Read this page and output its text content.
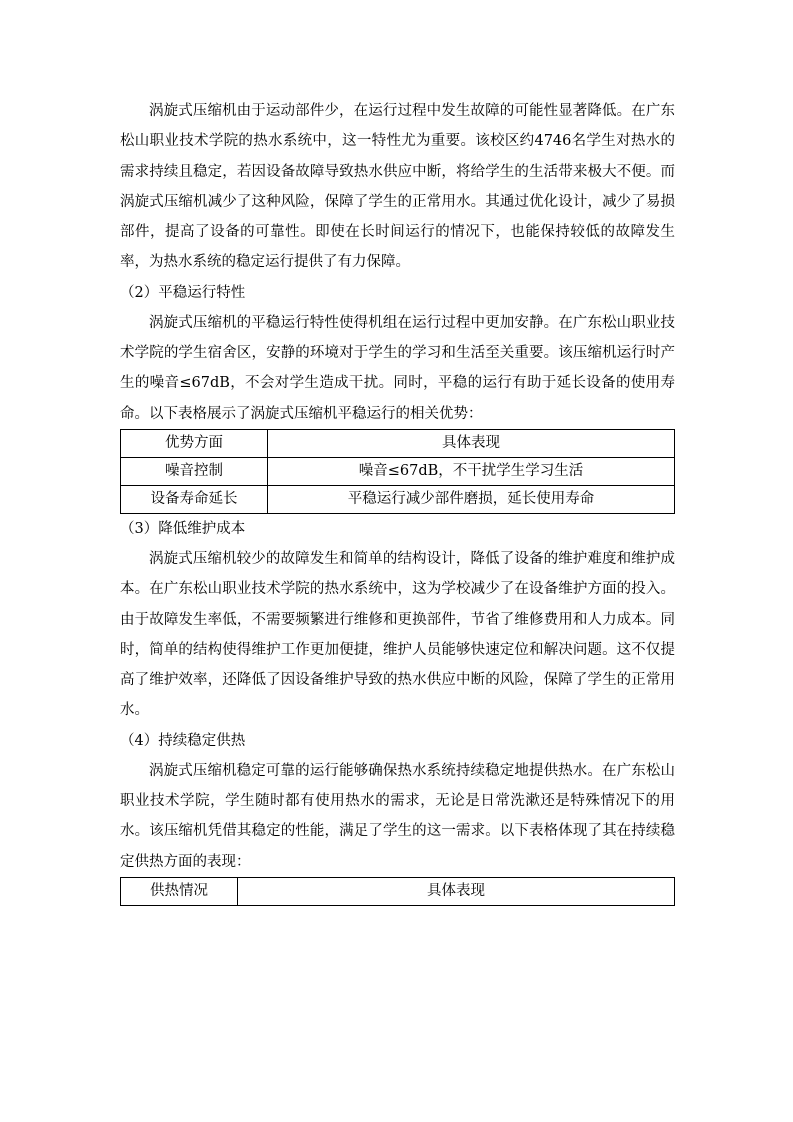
涡旋式压缩机由于运动部件少，在运行过程中发生故障的可能性显著降低。在广东松山职业技术学院的热水系统中，这一特性尤为重要。该校区约4746名学生对热水的需求持续且稳定，若因设备故障导致热水供应中断，将给学生的生活带来极大不便。而涡旋式压缩机减少了这种风险，保障了学生的正常用水。其通过优化设计，减少了易损部件，提高了设备的可靠性。即使在长时间运行的情况下，也能保持较低的故障发生率，为热水系统的稳定运行提供了有力保障。

（2）平稳运行特性

涡旋式压缩机的平稳运行特性使得机组在运行过程中更加安静。在广东松山职业技术学院的学生宿舍区，安静的环境对于学生的学习和生活至关重要。该压缩机运行时产生的噪音≤67dB，不会对学生造成干扰。同时，平稳的运行有助于延长设备的使用寿命。以下表格展示了涡旋式压缩机平稳运行的相关优势：

优势方面	具体表现
噪音控制	噪音≤67dB，不干扰学生学习生活
设备寿命延长	平稳运行减少部件磨损，延长使用寿命

（3）降低维护成本

涡旋式压缩机较少的故障发生和简单的结构设计，降低了设备的维护难度和维护成本。在广东松山职业技术学院的热水系统中，这为学校减少了在设备维护方面的投入。由于故障发生率低，不需要频繁进行维修和更换部件，节省了维修费用和人力成本。同时，简单的结构使得维护工作更加便捷，维护人员能够快速定位和解决问题。这不仅提高了维护效率，还降低了因设备维护导致的热水供应中断的风险，保障了学生的正常用水。

（4）持续稳定供热

涡旋式压缩机稳定可靠的运行能够确保热水系统持续稳定地提供热水。在广东松山职业技术学院，学生随时都有使用热水的需求，无论是日常洗漱还是特殊情况下的用水。该压缩机凭借其稳定的性能，满足了学生的这一需求。以下表格体现了其在持续稳定供热方面的表现：

供热情况	具体表现
